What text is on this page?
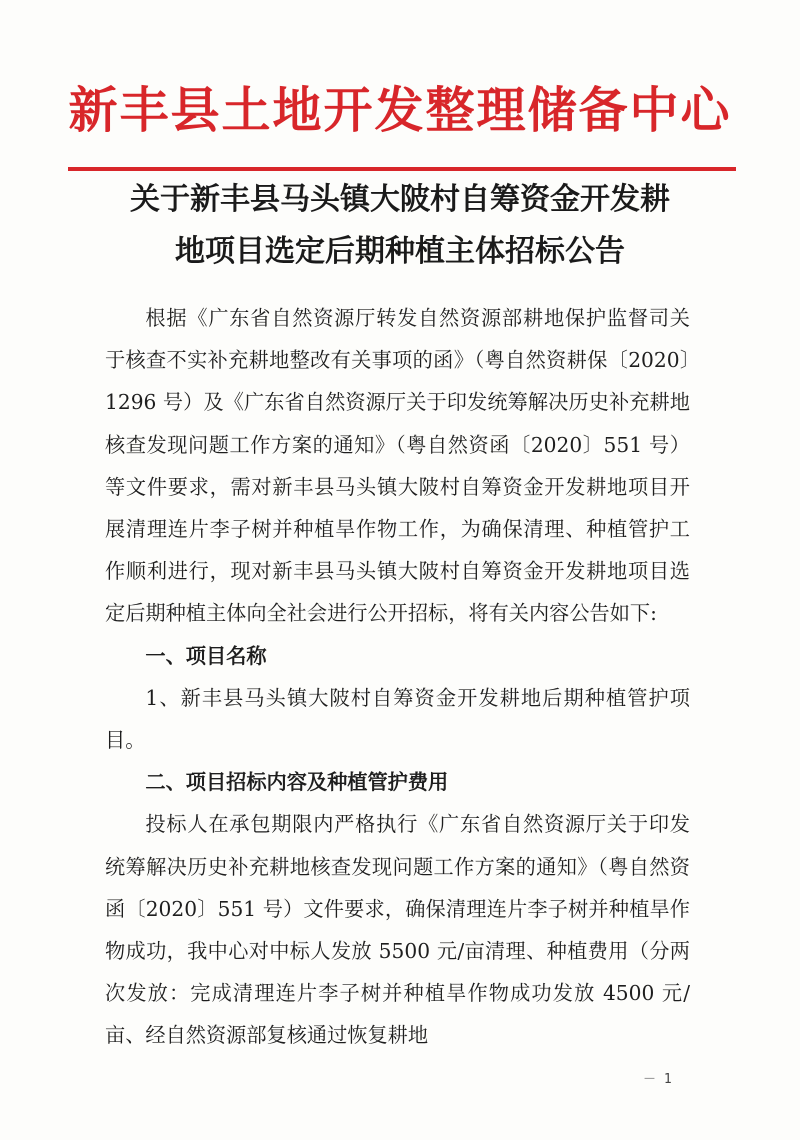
新丰县土地开发整理储备中心
关于新丰县马头镇大陂村自筹资金开发耕
地项目选定后期种植主体招标公告

根据《广东省自然资源厅转发自然资源部耕地保护监督司关于核查不实补充耕地整改有关事项的函》（粤自然资耕保〔2020〕1296 号）及《广东省自然资源厅关于印发统筹解决历史补充耕地核查发现问题工作方案的通知》（粤自然资函〔2020〕551 号）等文件要求，需对新丰县马头镇大陂村自筹资金开发耕地项目开展清理连片李子树并种植旱作物工作，为确保清理、种植管护工作顺利进行，现对新丰县马头镇大陂村自筹资金开发耕地项目选定后期种植主体向全社会进行公开招标，将有关内容公告如下:

一、项目名称

1、新丰县马头镇大陂村自筹资金开发耕地后期种植管护项目。

二、项目招标内容及种植管护费用

投标人在承包期限内严格执行《广东省自然资源厅关于印发统筹解决历史补充耕地核查发现问题工作方案的通知》（粤自然资函〔2020〕551 号）文件要求，确保清理连片李子树并种植旱作物成功，我中心对中标人发放 5500 元/亩清理、种植费用（分两次发放：完成清理连片李子树并种植旱作物成功发放 4500 元/亩、经自然资源部复核通过恢复耕地

－ 1
